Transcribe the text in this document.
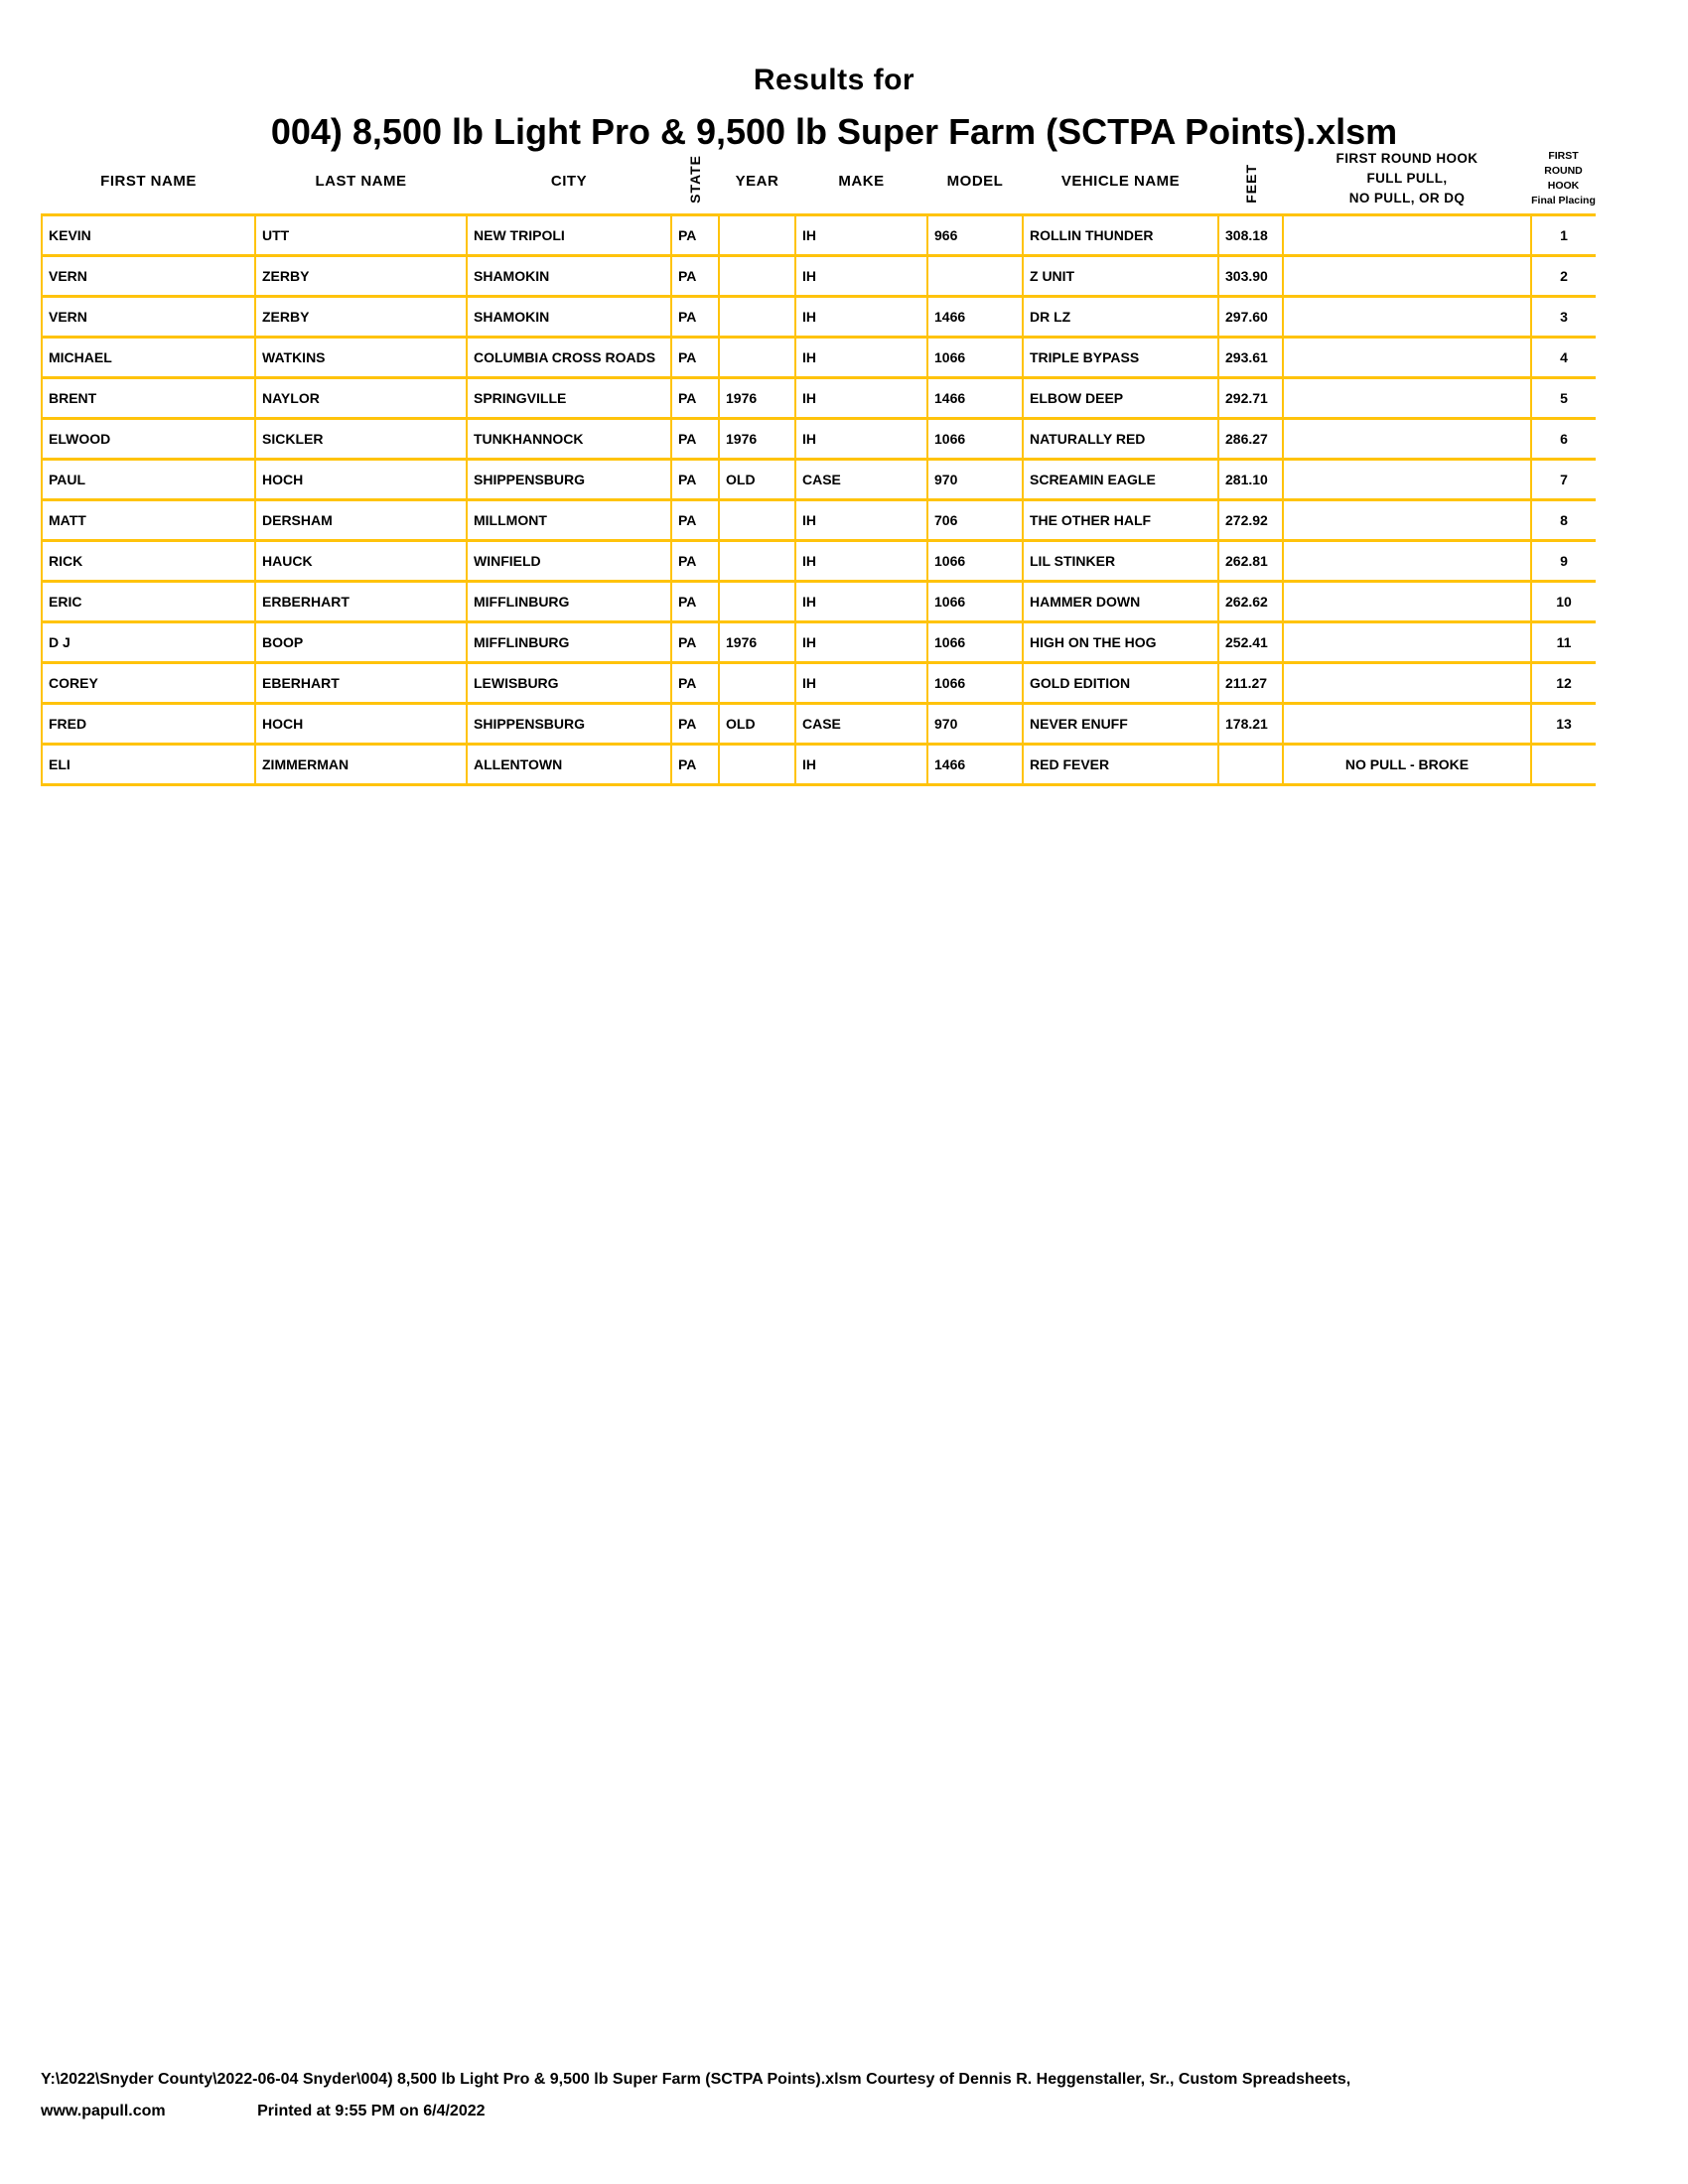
Results for
004) 8,500 lb Light Pro & 9,500 lb Super Farm (SCTPA Points).xlsm
FIRST NAME	LAST NAME	CITY	STATE	YEAR	MAKE	MODEL	VEHICLE NAME	FEET	FIRST ROUND HOOK
FULL PULL,
NO PULL, OR DQ	FIRST ROUND
HOOK
Final Placing
KEVIN	UTT	NEW TRIPOLI	PA		IH	966	ROLLIN THUNDER	308.18		1
VERN	ZERBY	SHAMOKIN	PA		IH		Z UNIT	303.90		2
VERN	ZERBY	SHAMOKIN	PA		IH	1466	DR LZ	297.60		3
MICHAEL	WATKINS	COLUMBIA CROSS ROADS	PA		IH	1066	TRIPLE BYPASS	293.61		4
BRENT	NAYLOR	SPRINGVILLE	PA	1976	IH	1466	ELBOW DEEP	292.71		5
ELWOOD	SICKLER	TUNKHANNOCK	PA	1976	IH	1066	NATURALLY RED	286.27		6
PAUL	HOCH	SHIPPENSBURG	PA	OLD	CASE	970	SCREAMIN EAGLE	281.10		7
MATT	DERSHAM	MILLMONT	PA		IH	706	THE OTHER HALF	272.92		8
RICK	HAUCK	WINFIELD	PA		IH	1066	LIL STINKER	262.81		9
ERIC	ERBERHART	MIFFLINBURG	PA		IH	1066	HAMMER DOWN	262.62		10
D J	BOOP	MIFFLINBURG	PA	1976	IH	1066	HIGH ON THE HOG	252.41		11
COREY	EBERHART	LEWISBURG	PA		IH	1066	GOLD EDITION	211.27		12
FRED	HOCH	SHIPPENSBURG	PA	OLD	CASE	970	NEVER ENUFF	178.21		13
ELI	ZIMMERMAN	ALLENTOWN	PA		IH	1466	RED FEVER		NO PULL - BROKE	
Y:\2022\Snyder County\2022-06-04 Snyder\004) 8,500 lb Light Pro & 9,500 lb Super Farm (SCTPA Points).xlsm Courtesy of Dennis R. Heggenstaller, Sr., Custom Spreadsheets,
www.papull.com	Printed at 9:55 PM on 6/4/2022
